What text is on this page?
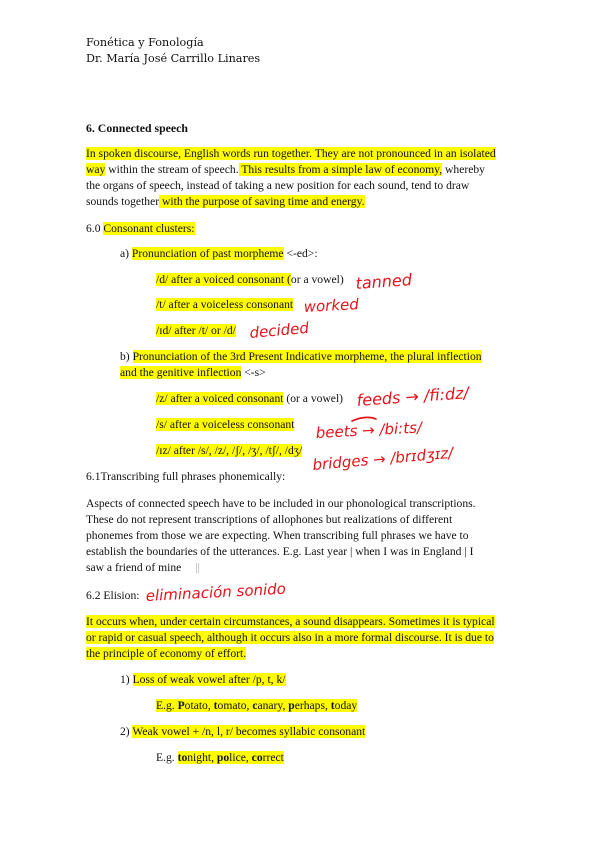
Fonética y Fonología
Dr. María José Carrillo Linares
6. Connected speech
In spoken discourse, English words run together. They are not pronounced in an isolated
way within the stream of speech. This results from a simple law of economy, whereby
the organs of speech, instead of taking a new position for each sound, tend to draw
sounds together with the purpose of saving time and energy.
6.0 Consonant clusters:
a) Pronunciation of past morpheme <-ed>:
/d/ after a voiced consonant (or a vowel)
/t/ after a voiceless consonant
/ɪd/ after /t/ or /d/
b) Pronunciation of the 3rd Present Indicative morpheme, the plural inflection
and the genitive inflection <-s>
/z/ after a voiced consonant (or a vowel)
/s/ after a voiceless consonant
/ɪz/ after /s/, /z/, /ʃ/, /ʒ/, /tʃ/, /dʒ/
6.1Transcribing full phrases phonemically:
Aspects of connected speech have to be included in our phonological transcriptions.
These do not represent transcriptions of allophones but realizations of different
phonemes from those we are expecting. When transcribing full phrases we have to
establish the boundaries of the utterances. E.g. Last year | when I was in England | I
saw a friend of mine ||
6.2 Elision:
It occurs when, under certain circumstances, a sound disappears. Sometimes it is typical
or rapid or casual speech, although it occurs also in a more formal discourse. It is due to
the principle of economy of effort.
1) Loss of weak vowel after /p, t, k/
E.g. Potato, tomato, canary, perhaps, today
2) Weak vowel + /n, l, r/ becomes syllabic consonant
E.g. tonight, police, correct
tanned
worked
decided
feeds → /fi:dz/
beets → /bi:ts/
bridges → /brɪdʒɪz/
eliminación sonido
